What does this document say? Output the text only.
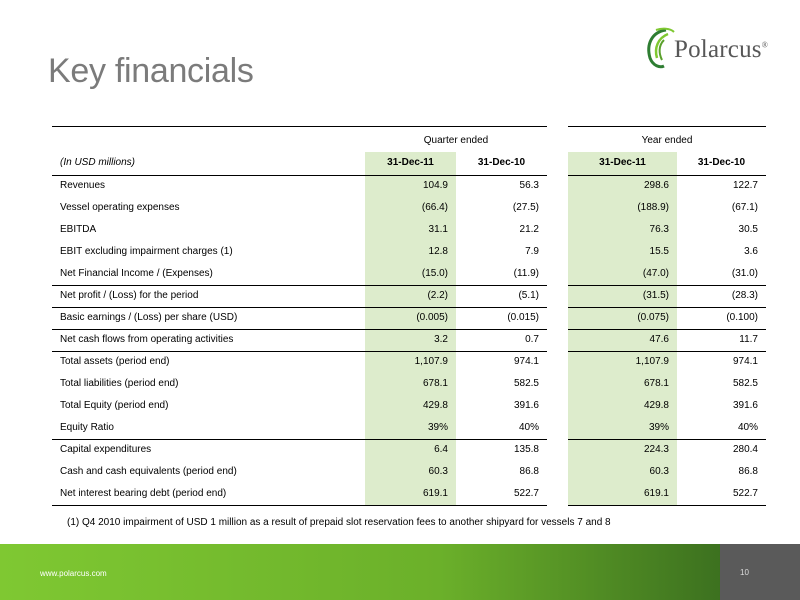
Key financials
Polarcus®
Quarter ended	Year ended
(In USD millions)	31-Dec-11	31-Dec-10	31-Dec-11	31-Dec-10
Revenues	104.9	56.3	298.6	122.7
Vessel operating expenses	(66.4)	(27.5)	(188.9)	(67.1)
EBITDA	31.1	21.2	76.3	30.5
EBIT excluding impairment charges (1)	12.8	7.9	15.5	3.6
Net Financial Income / (Expenses)	(15.0)	(11.9)	(47.0)	(31.0)
Net profit / (Loss) for the period	(2.2)	(5.1)	(31.5)	(28.3)
Basic earnings / (Loss) per share (USD)	(0.005)	(0.015)	(0.075)	(0.100)
Net cash flows from operating activities	3.2	0.7	47.6	11.7
Total assets (period end)	1,107.9	974.1	1,107.9	974.1
Total liabilities (period end)	678.1	582.5	678.1	582.5
Total Equity (period end)	429.8	391.6	429.8	391.6
Equity Ratio	39%	40%	39%	40%
Capital expenditures	6.4	135.8	224.3	280.4
Cash and cash equivalents (period end)	60.3	86.8	60.3	86.8
Net interest bearing debt (period end)	619.1	522.7	619.1	522.7
(1) Q4 2010 impairment of USD 1 million as a result of prepaid slot reservation fees to another shipyard for vessels 7 and 8
www.polarcus.com	10
